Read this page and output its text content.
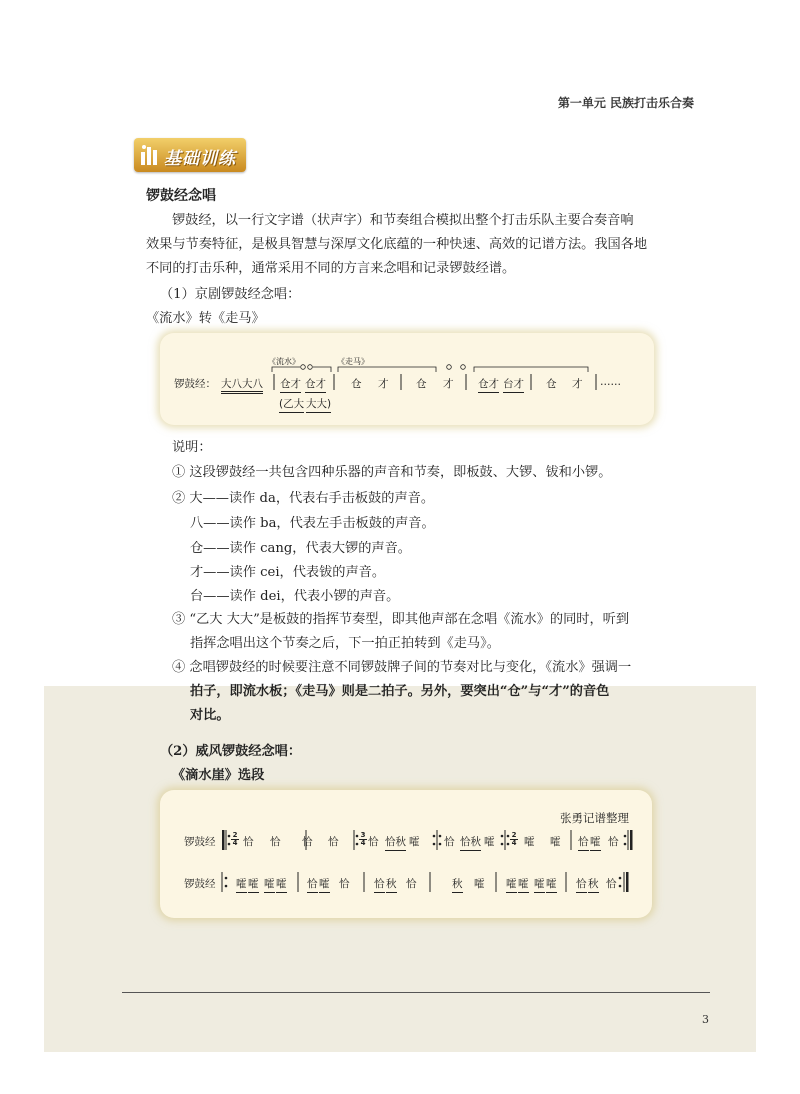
第一单元 民族打击乐合奏
基础训练
锣鼓经念唱
锣鼓经，以一行文字谱（状声字）和节奏组合模拟出整个打击乐队主要合奏音响
效果与节奏特征，是极具智慧与深厚文化底蕴的一种快速、高效的记谱方法。我国各地
不同的打击乐种，通常采用不同的方言来念唱和记录锣鼓经谱。
（1）京剧锣鼓经念唱：
《流水》转《走马》
《流水》	《走马》
锣鼓经： 大八大八 仓才 仓才
(乙大 大大)
仓 才	仓 才 仓才 台才 仓 才 ……
说明：
① 这段锣鼓经一共包含四种乐器的声音和节奏，即板鼓、大锣、钹和小锣。
② 大——读作 da，代表右手击板鼓的声音。
八——读作 ba，代表左手击板鼓的声音。
仓——读作 cang，代表大锣的声音。
才——读作 cei，代表钹的声音。
台——读作 dei，代表小锣的声音。
③ “乙大 大大”是板鼓的指挥节奏型，即其他声部在念唱《流水》的同时，听到
指挥念唱出这个节奏之后，下一拍正拍转到《走马》。
④ 念唱锣鼓经的时候要注意不同锣鼓牌子间的节奏对比与变化，《流水》强调一
拍子，即流水板；《走马》则是二拍子。另外，要突出“仓”与“才”的音色
对比。
（2）威风锣鼓经念唱：
《滴水崖》选段
张勇记谱整理
锣鼓经
锣鼓经
$\frac{2}{4}$	$\frac{3}{4}$	$\frac{2}{4}$
恰 恰 恰 恰	恰 恰秋 嚯 恰 恰秋 嚯	嚯 嚯 恰 嚯 恰
嚯 嚯 嚯 嚯 恰 嚯 恰 恰 秋 恰	秋 嚯 嚯 嚯 嚯 嚯 恰 秋 恰
3
